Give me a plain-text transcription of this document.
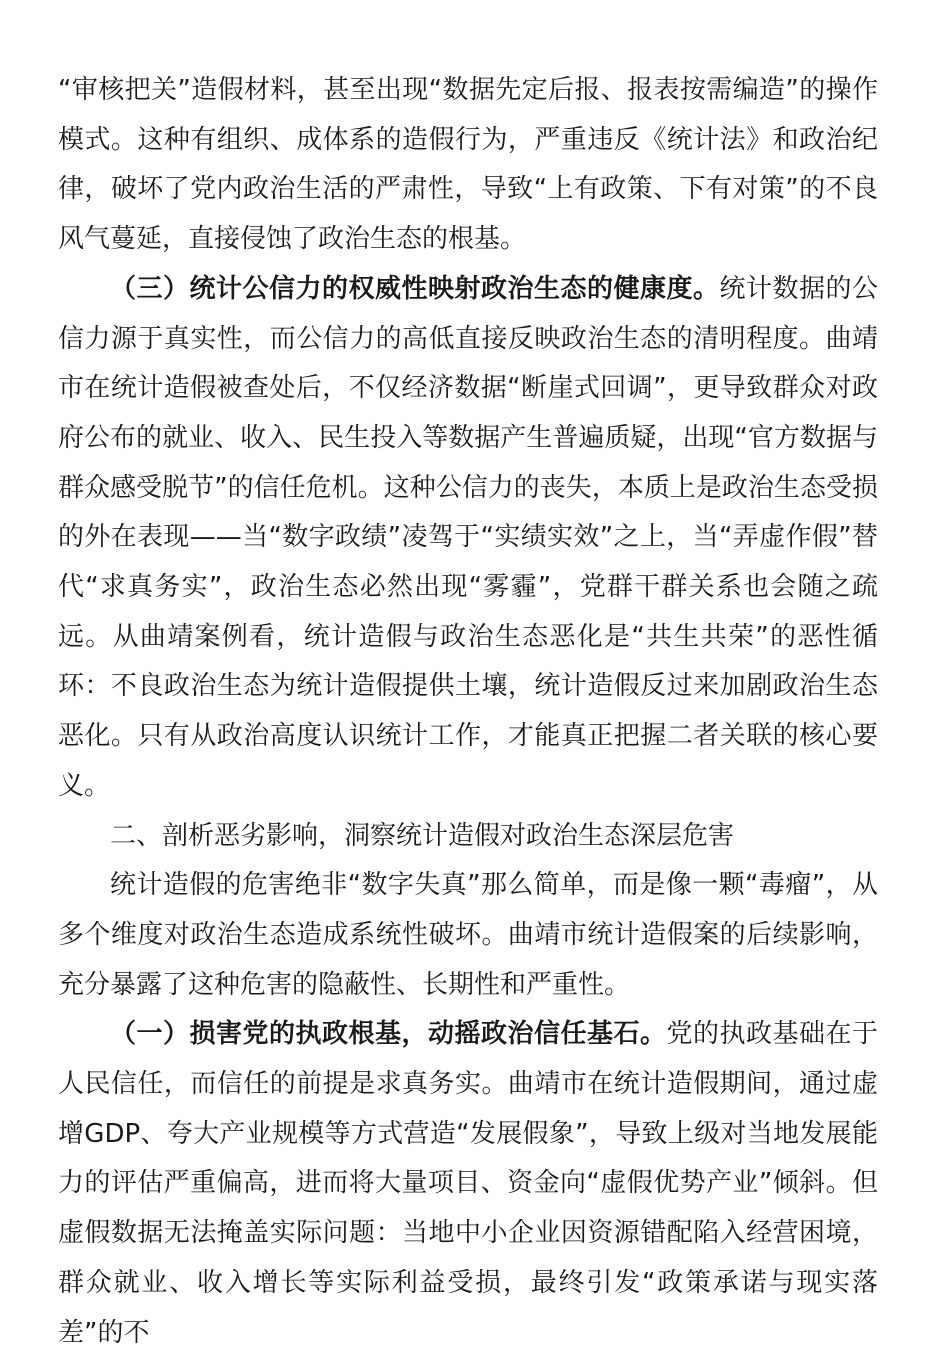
“审核把关”造假材料，甚至出现“数据先定后报、报表按需编造”的操作模式。这种有组织、成体系的造假行为，严重违反《统计法》和政治纪律，破坏了党内政治生活的严肃性，导致“上有政策、下有对策”的不良风气蔓延，直接侵蚀了政治生态的根基。

（三）统计公信力的权威性映射政治生态的健康度。统计数据的公信力源于真实性，而公信力的高低直接反映政治生态的清明程度。曲靖市在统计造假被查处后，不仅经济数据“断崖式回调”，更导致群众对政府公布的就业、收入、民生投入等数据产生普遍质疑，出现“官方数据与群众感受脱节”的信任危机。这种公信力的丧失，本质上是政治生态受损的外在表现——当“数字政绩”凌驾于“实绩实效”之上，当“弄虚作假”替代“求真务实”，政治生态必然出现“雾霾”，党群干群关系也会随之疏远。从曲靖案例看，统计造假与政治生态恶化是“共生共荣”的恶性循环：不良政治生态为统计造假提供土壤，统计造假反过来加剧政治生态恶化。只有从政治高度认识统计工作，才能真正把握二者关联的核心要义。

二、剖析恶劣影响，洞察统计造假对政治生态深层危害

统计造假的危害绝非“数字失真”那么简单，而是像一颗“毒瘤”，从多个维度对政治生态造成系统性破坏。曲靖市统计造假案的后续影响，充分暴露了这种危害的隐蔽性、长期性和严重性。

（一）损害党的执政根基，动摇政治信任基石。党的执政基础在于人民信任，而信任的前提是求真务实。曲靖市在统计造假期间，通过虚增GDP、夸大产业规模等方式营造“发展假象”，导致上级对当地发展能力的评估严重偏高，进而将大量项目、资金向“虚假优势产业”倾斜。但虚假数据无法掩盖实际问题：当地中小企业因资源错配陷入经营困境，群众就业、收入增长等实际利益受损，最终引发“政策承诺与现实落差”的不
